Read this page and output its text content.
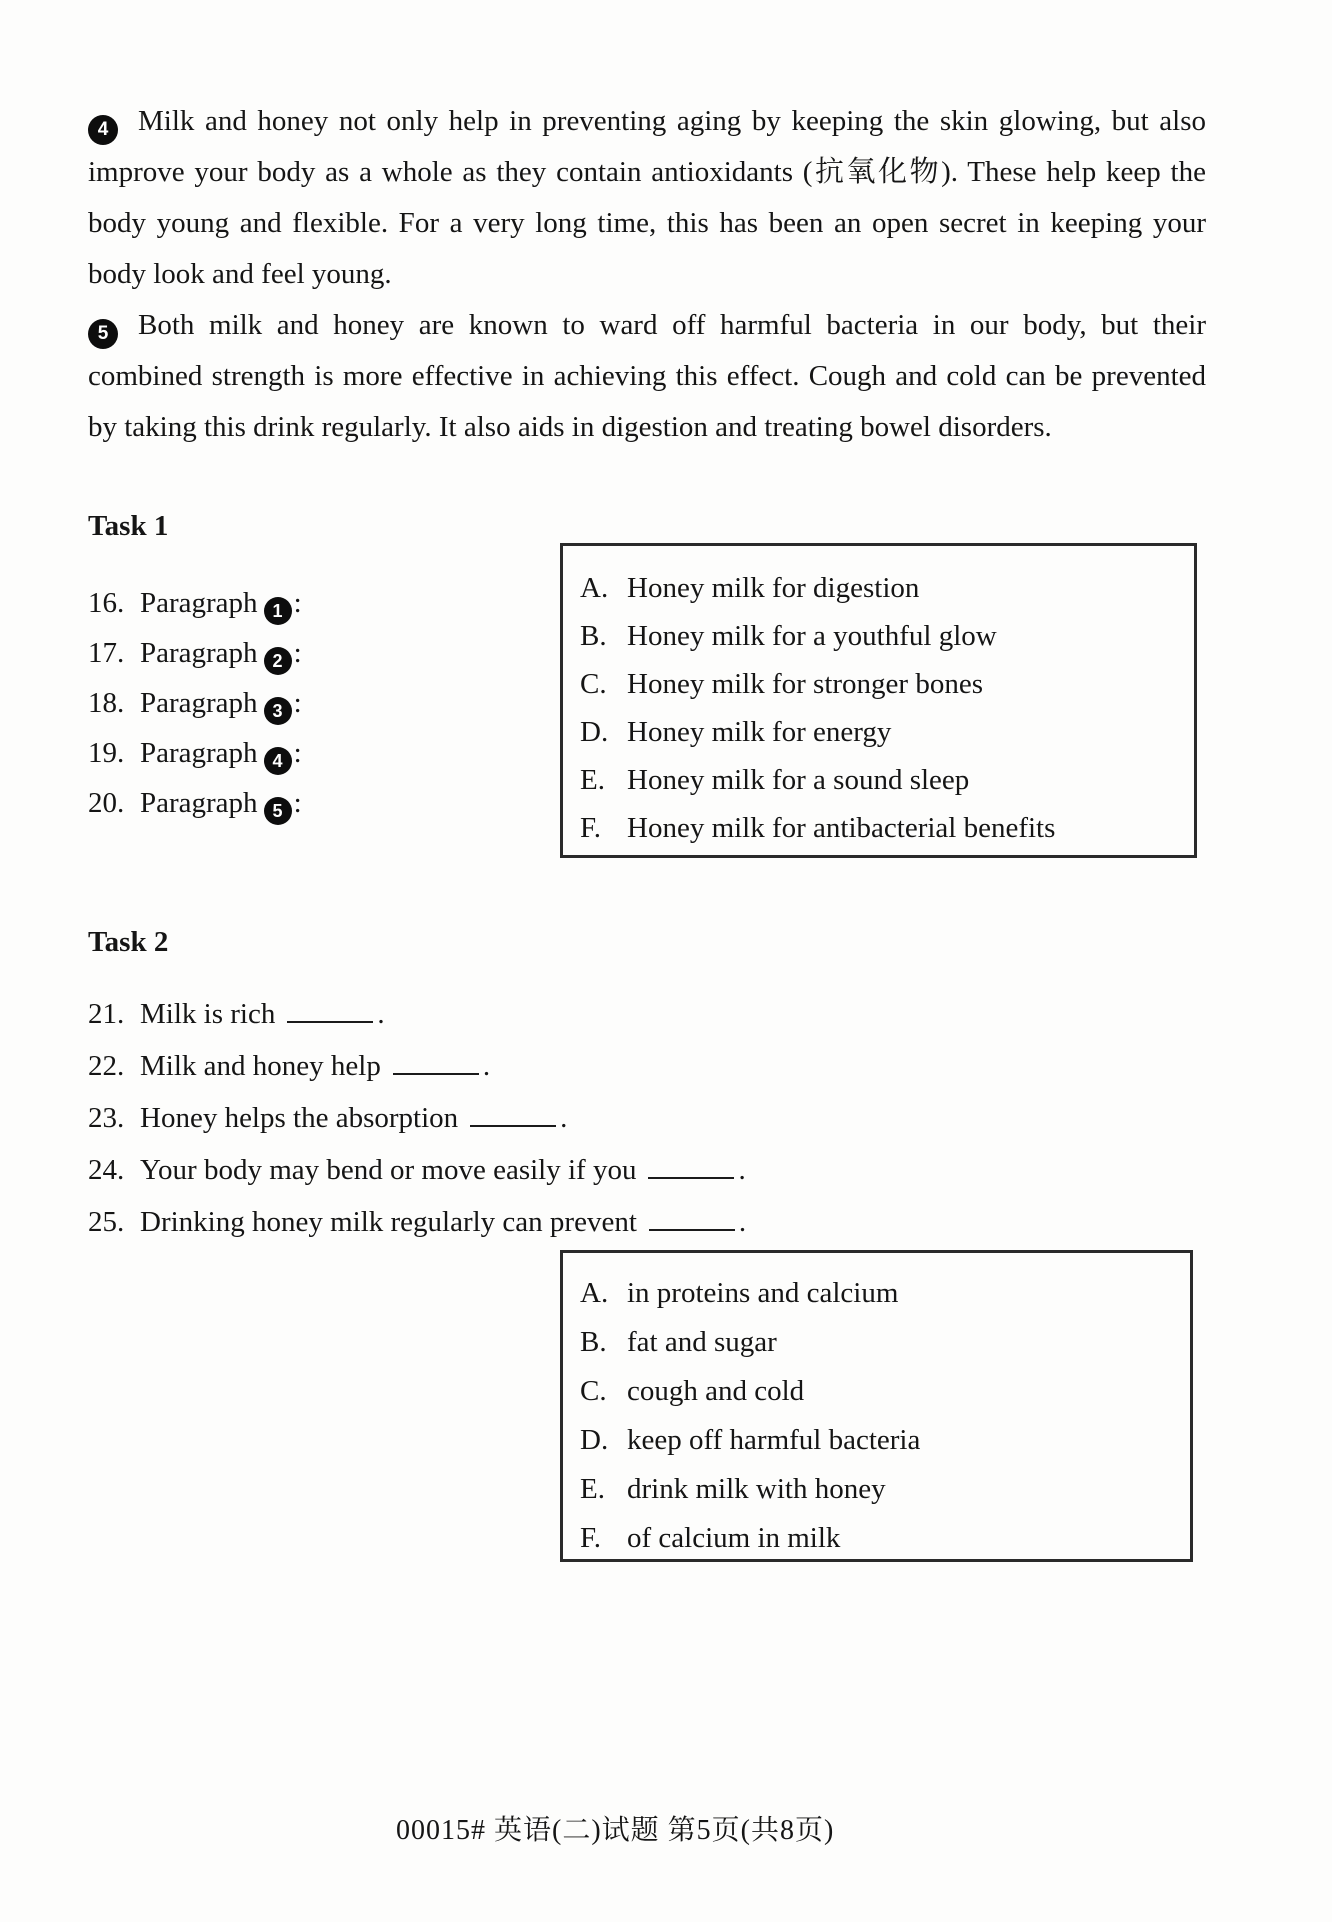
4 Milk and honey not only help in preventing aging by keeping the skin glowing, but also improve your body as a whole as they contain antioxidants (抗氧化物). These help keep the body young and flexible. For a very long time, this has been an open secret in keeping your body look and feel young.

5 Both milk and honey are known to ward off harmful bacteria in our body, but their combined strength is more effective in achieving this effect. Cough and cold can be prevented by taking this drink regularly. It also aids in digestion and treating bowel disorders.

Task 1
16. Paragraph 1 :
17. Paragraph 2 :
18. Paragraph 3 :
19. Paragraph 4 :
20. Paragraph 5 :
A. Honey milk for digestion
B. Honey milk for a youthful glow
C. Honey milk for stronger bones
D. Honey milk for energy
E. Honey milk for a sound sleep
F. Honey milk for antibacterial benefits
Task 2
21. Milk is rich	.
22. Milk and honey help	.
23. Honey helps the absorption	.
24. Your body may bend or move easily if you	.
25. Drinking honey milk regularly can prevent	.
A. in proteins and calcium
B. fat and sugar
C. cough and cold
D. keep off harmful bacteria
E. drink milk with honey
F. of calcium in milk
00015# 英语(二)试题 第5页(共8页)
